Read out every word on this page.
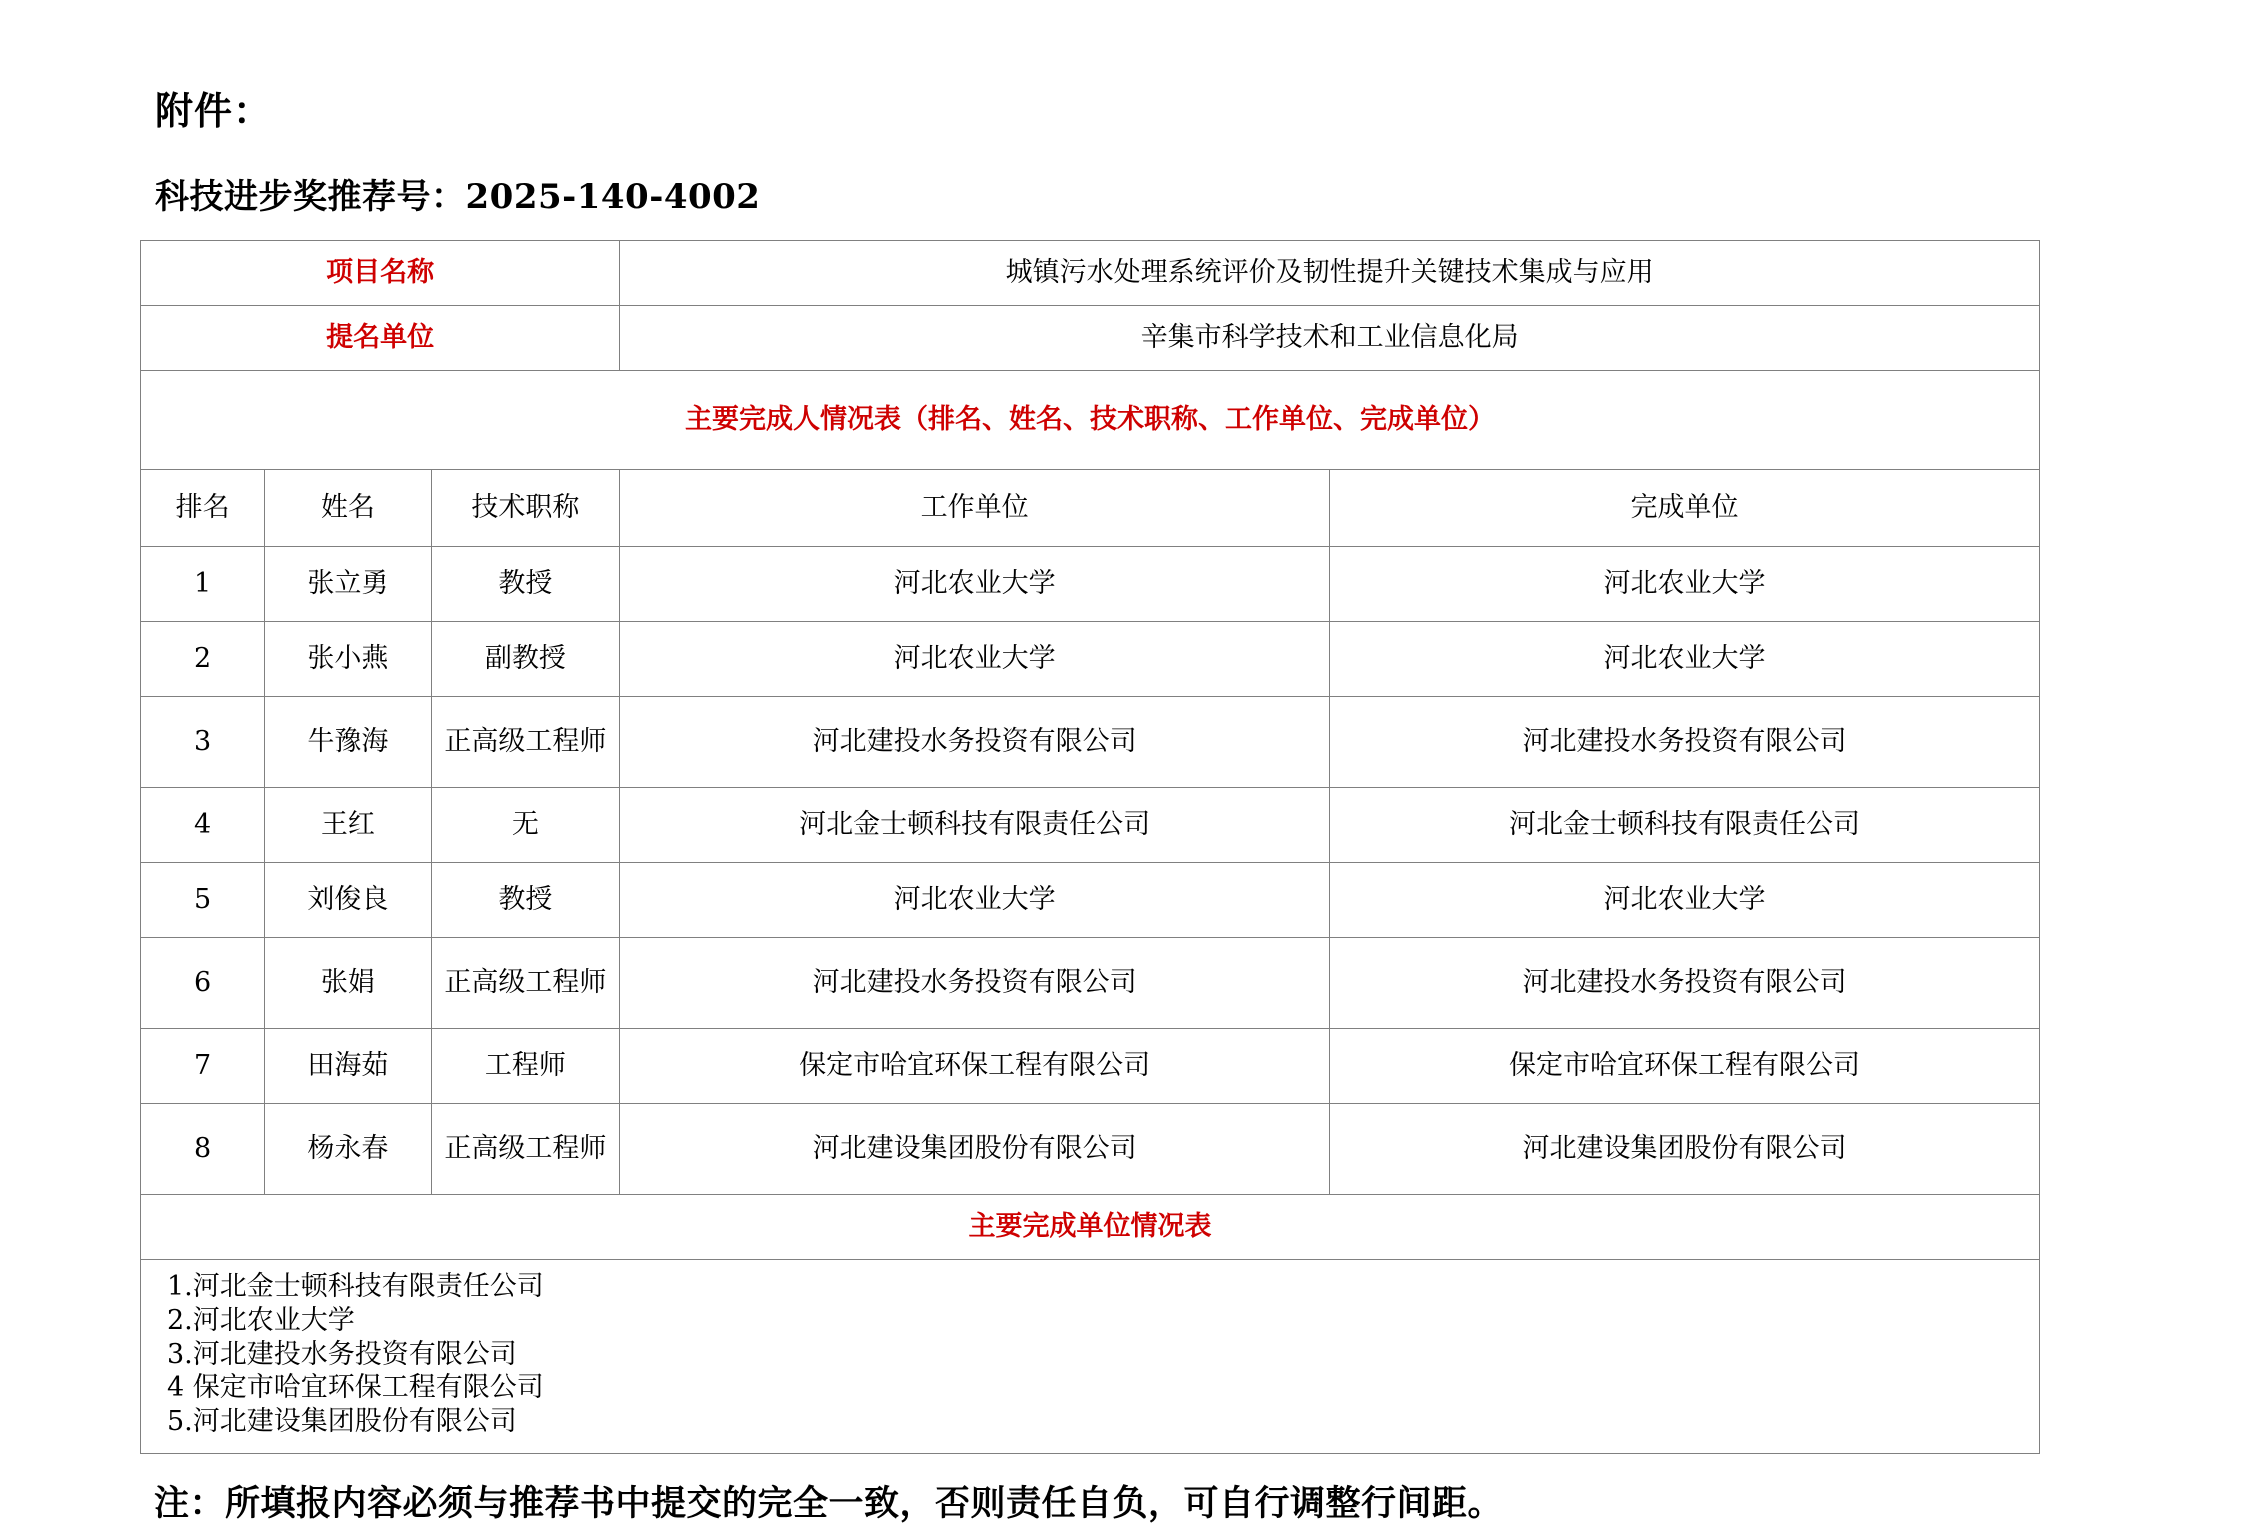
附件：
科技进步奖推荐号：2025-140-4002
项目名称			城镇污水处理系统评价及韧性提升关键技术集成与应用	
提名单位			辛集市科学技术和工业信息化局	
主要完成人情况表（排名、姓名、技术职称、工作单位、完成单位）				
排名	姓名	技术职称	工作单位	完成单位
1	张立勇	教授	河北农业大学	河北农业大学
2	张小燕	副教授	河北农业大学	河北农业大学
3	牛豫海	正高级工程师	河北建投水务投资有限公司	河北建投水务投资有限公司
4	王红	无	河北金士顿科技有限责任公司	河北金士顿科技有限责任公司
5	刘俊良	教授	河北农业大学	河北农业大学
6	张娟	正高级工程师	河北建投水务投资有限公司	河北建投水务投资有限公司
7	田海茹	工程师	保定市哈宜环保工程有限公司	保定市哈宜环保工程有限公司
8	杨永春	正高级工程师	河北建设集团股份有限公司	河北建设集团股份有限公司
主要完成单位情况表				

1.河北金士顿科技有限责任公司
2.河北农业大学
3.河北建投水务投资有限公司
4 保定市哈宜环保工程有限公司
5.河北建设集团股份有限公司				
注：所填报内容必须与推荐书中提交的完全一致，否则责任自负，可自行调整行间距。
